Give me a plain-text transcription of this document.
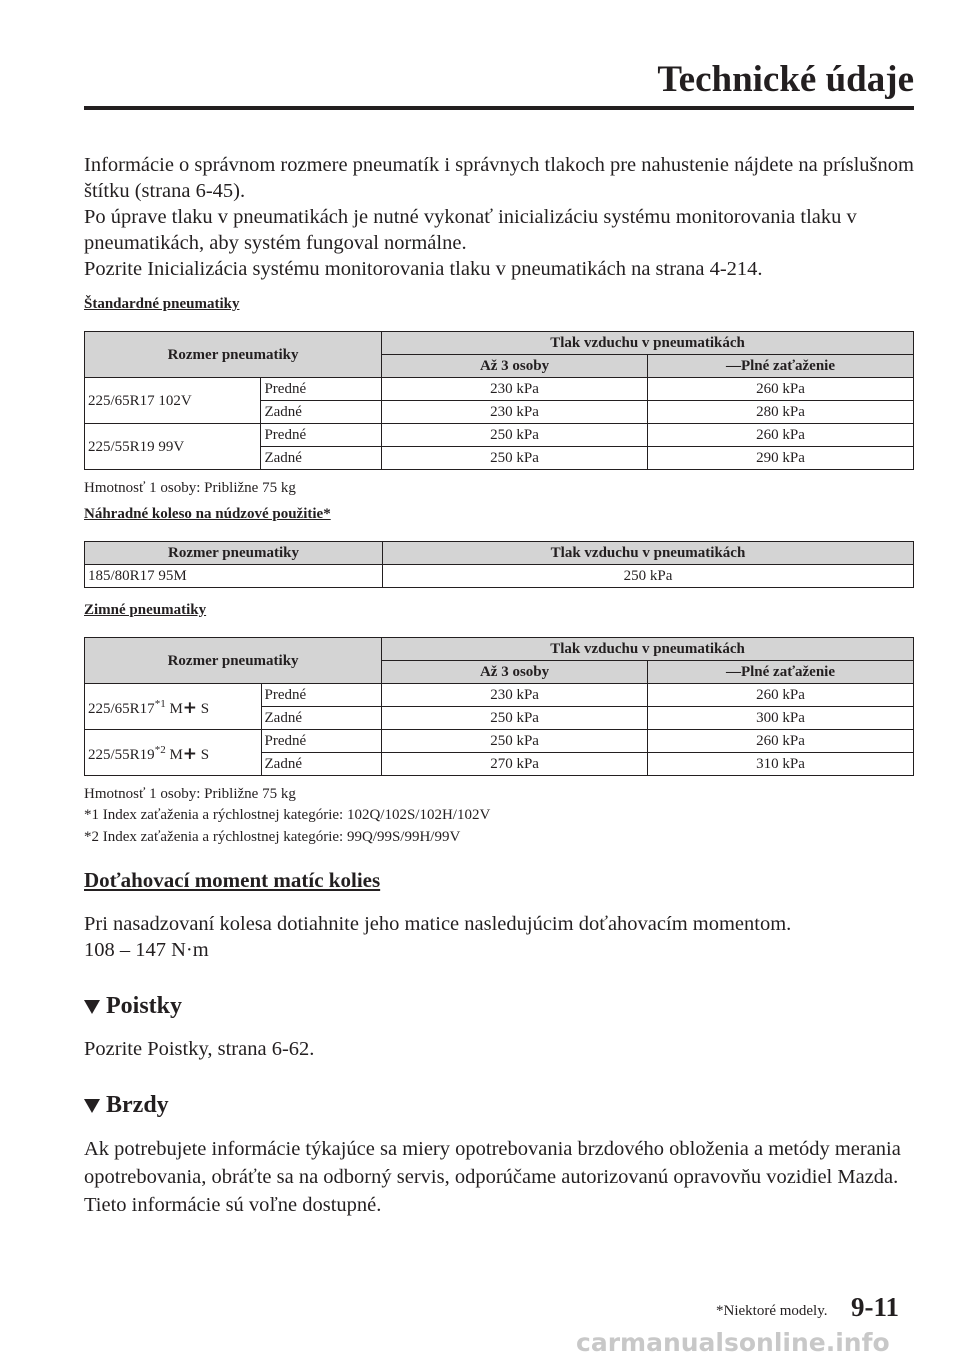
Technické údaje

Informácie o správnom rozmere pneumatík i správnych tlakoch pre nahustenie nájdete na príslušnom štítku (strana 6-45).

Po úprave tlaku v pneumatikách je nutné vykonať inicializáciu systému monitorovania tlaku v pneumatikách, aby systém fungoval normálne.

Pozrite Inicializácia systému monitorovania tlaku v pneumatikách na strana 4-214.

Štandardné pneumatiky

Rozmer pneumatiky		Tlak vzduchu v pneumatikách	
		Až 3 osoby	—Plné zaťaženie
225/65R17 102V	Predné	230 kPa	260 kPa
	Zadné	230 kPa	280 kPa
225/55R19 99V	Predné	250 kPa	260 kPa
	Zadné	250 kPa	290 kPa

Hmotnosť 1 osoby: Približne 75 kg

Náhradné koleso na núdzové použitie*

Rozmer pneumatiky	Tlak vzduchu v pneumatikách
185/80R17 95M	250 kPa

Zimné pneumatiky

Rozmer pneumatiky		Tlak vzduchu v pneumatikách	
		Až 3 osoby	—Plné zaťaženie
225/65R17$^{*1}$ M+ S	Predné	230 kPa	260 kPa
	Zadné	250 kPa	300 kPa
225/55R19$^{*2}$ M+ S	Predné	250 kPa	260 kPa
	Zadné	270 kPa	310 kPa

Hmotnosť 1 osoby: Približne 75 kg

*1 Index zaťaženia a rýchlostnej kategórie: 102Q/102S/102H/102V

*2 Index zaťaženia a rýchlostnej kategórie: 99Q/99S/99H/99V

Doťahovací moment matíc kolies

Pri nasadzovaní kolesa dotiahnite jeho matice nasledujúcim doťahovacím momentom.

108 – 147 N·m

Poistky

Pozrite Poistky, strana 6-62.

Brzdy

Ak potrebujete informácie týkajúce sa miery opotrebovania brzdového obloženia a metódy merania opotrebovania, obráťte sa na odborný servis, odporúčame autorizovanú opravovňu vozidiel Mazda. Tieto informácie sú voľne dostupné.

*Niektoré modely. 9-11
carmanualsonline.info
